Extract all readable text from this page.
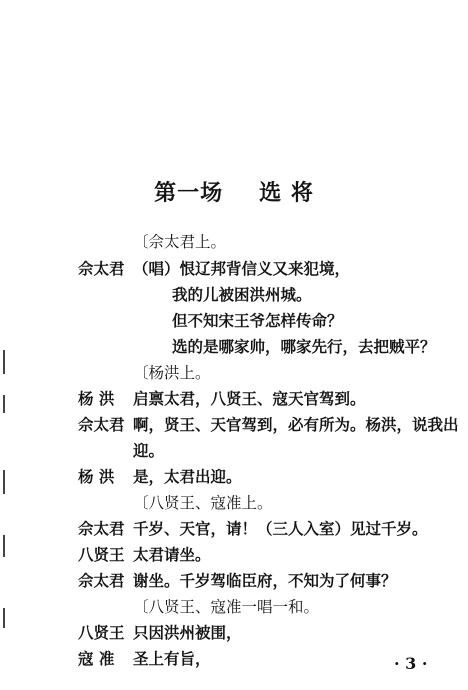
第一场 选 将
〔佘太君上。
佘太君 （唱）恨辽邦背信义又来犯境，
我的儿被困洪州城。
但不知宋王爷怎样传命？
选的是哪家帅，哪家先行，去把贼平？
〔杨洪上。
杨 洪 启禀太君，八贤王、寇天官驾到。
佘太君 啊，贤王、天官驾到，必有所为。杨洪，说我出
迎。
杨 洪 是，太君出迎。
〔八贤王、寇准上。
佘太君 千岁、天官，请！（三人入室）见过千岁。
八贤王 太君请坐。
佘太君 谢坐。千岁驾临臣府，不知为了何事？
〔八贤王、寇准一唱一和。
八贤王 只因洪州被围，
寇 准 圣上有旨，	· 3 ·
